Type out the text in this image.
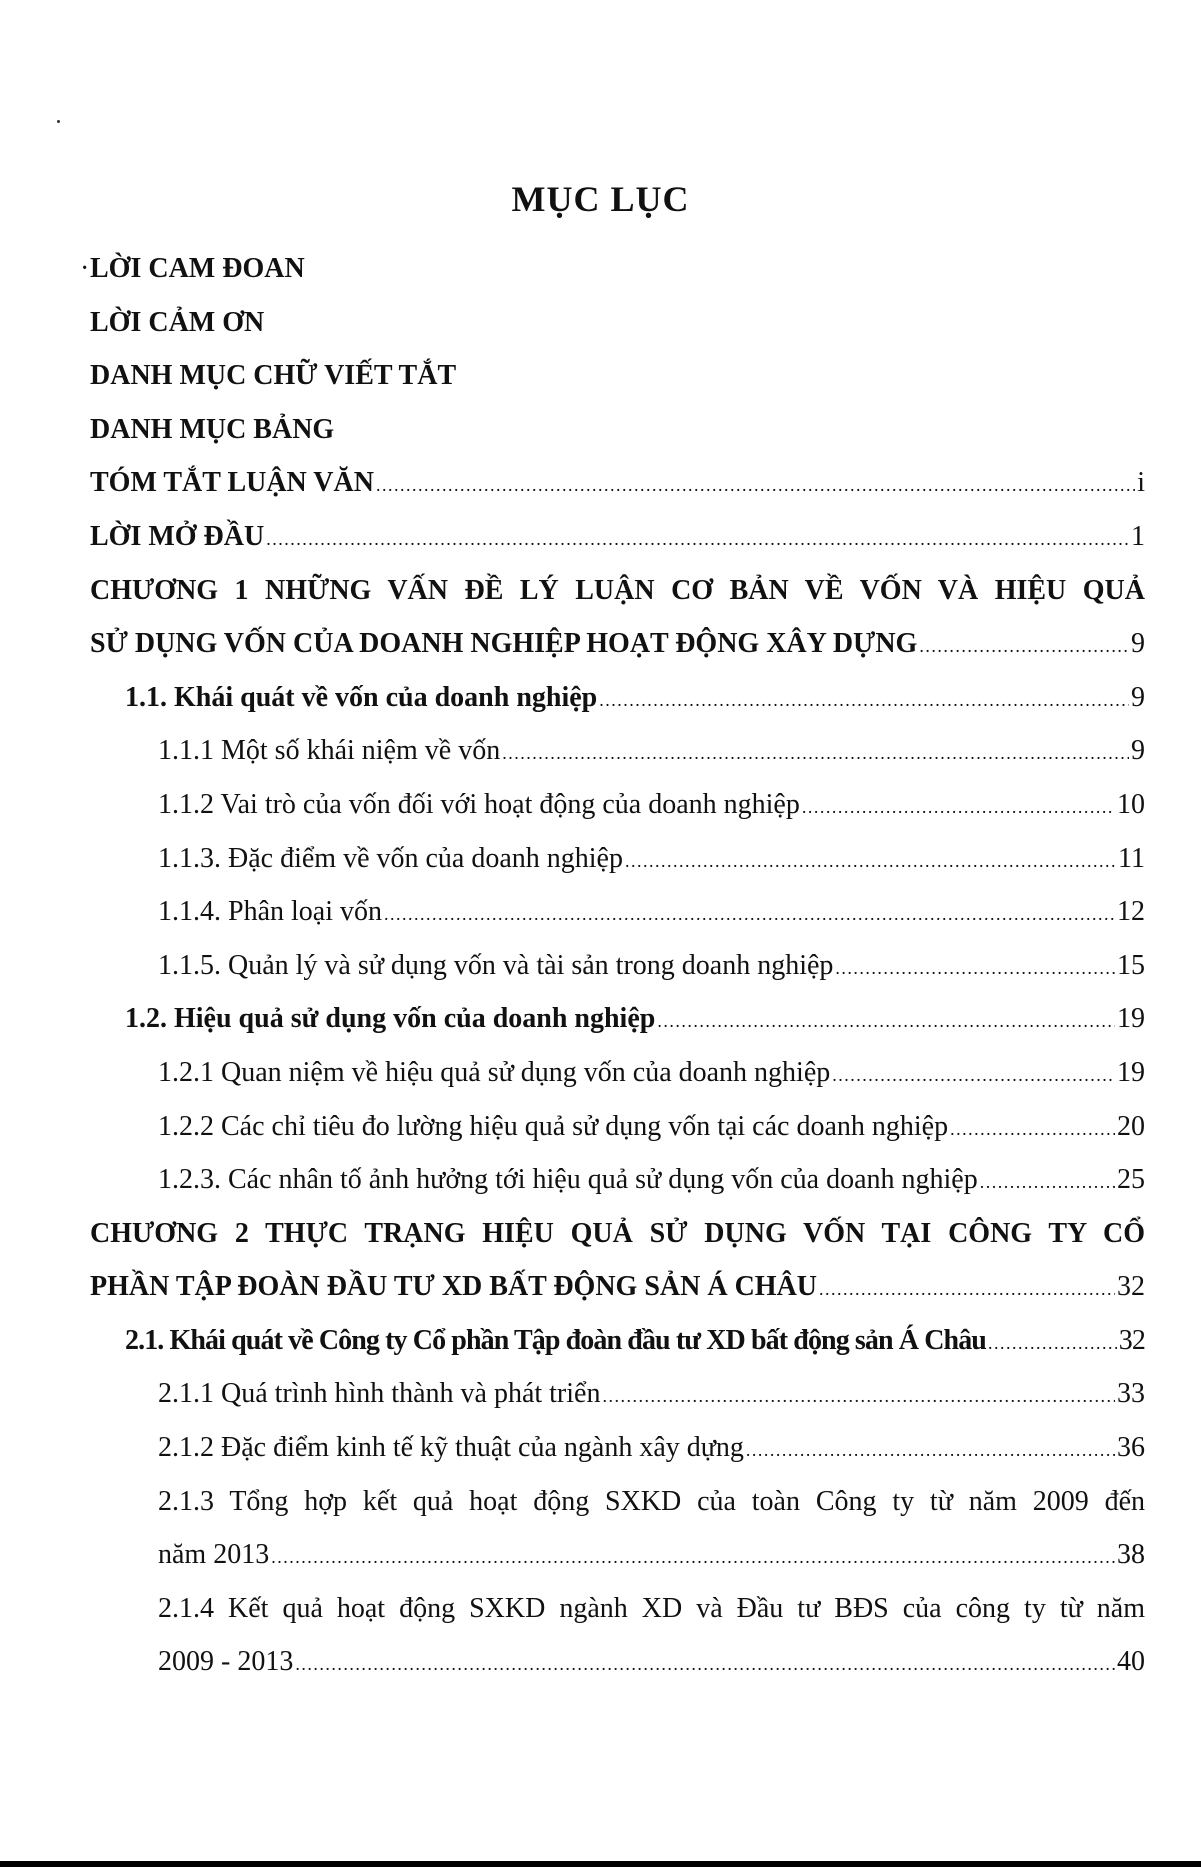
MỤC LỤC
· LỜI CAM ĐOAN
LỜI CẢM ƠN
DANH MỤC CHỮ VIẾT TẮT
DANH MỤC BẢNG
TÓM TẮT LUẬN VĂN .....	i
LỜI MỞ ĐẦU .....	1
CHƯƠNG 1 NHỮNG VẤN ĐỀ LÝ LUẬN CƠ BẢN VỀ VỐN VÀ HIỆU QUẢ
SỬ DỤNG VỐN CỦA DOANH NGHIỆP HOẠT ĐỘNG XÂY DỰNG .....	9
1.1. Khái quát về vốn của doanh nghiệp .....	9
1.1.1 Một số khái niệm về vốn .....	9
1.1.2 Vai trò của vốn đối với hoạt động của doanh nghiệp .....	10
1.1.3. Đặc điểm về vốn của doanh nghiệp .....	11
1.1.4. Phân loại vốn .....	12
1.1.5. Quản lý và sử dụng vốn và tài sản trong doanh nghiệp .....	15
1.2. Hiệu quả sử dụng vốn của doanh nghiệp .....	19
1.2.1 Quan niệm về hiệu quả sử dụng vốn của doanh nghiệp .....	19
1.2.2 Các chỉ tiêu đo lường hiệu quả sử dụng vốn tại các doanh nghiệp .....	20
1.2.3. Các nhân tố ảnh hưởng tới hiệu quả sử dụng vốn của doanh nghiệp .....	25
CHƯƠNG 2 THỰC TRẠNG HIỆU QUẢ SỬ DỤNG VỐN TẠI CÔNG TY CỔ
PHẦN TẬP ĐOÀN ĐẦU TƯ XD BẤT ĐỘNG SẢN Á CHÂU .....	32
2.1. Khái quát về Công ty Cổ phần Tập đoàn đầu tư XD bất động sản Á Châu .....	32
2.1.1 Quá trình hình thành và phát triển .....	33
2.1.2 Đặc điểm kinh tế kỹ thuật của ngành xây dựng .....	36
2.1.3 Tổng hợp kết quả hoạt động SXKD của toàn Công ty từ năm 2009 đến
năm 2013 .....	38
2.1.4 Kết quả hoạt động SXKD ngành XD và Đầu tư BĐS của công ty từ năm
2009 - 2013 .....	40
